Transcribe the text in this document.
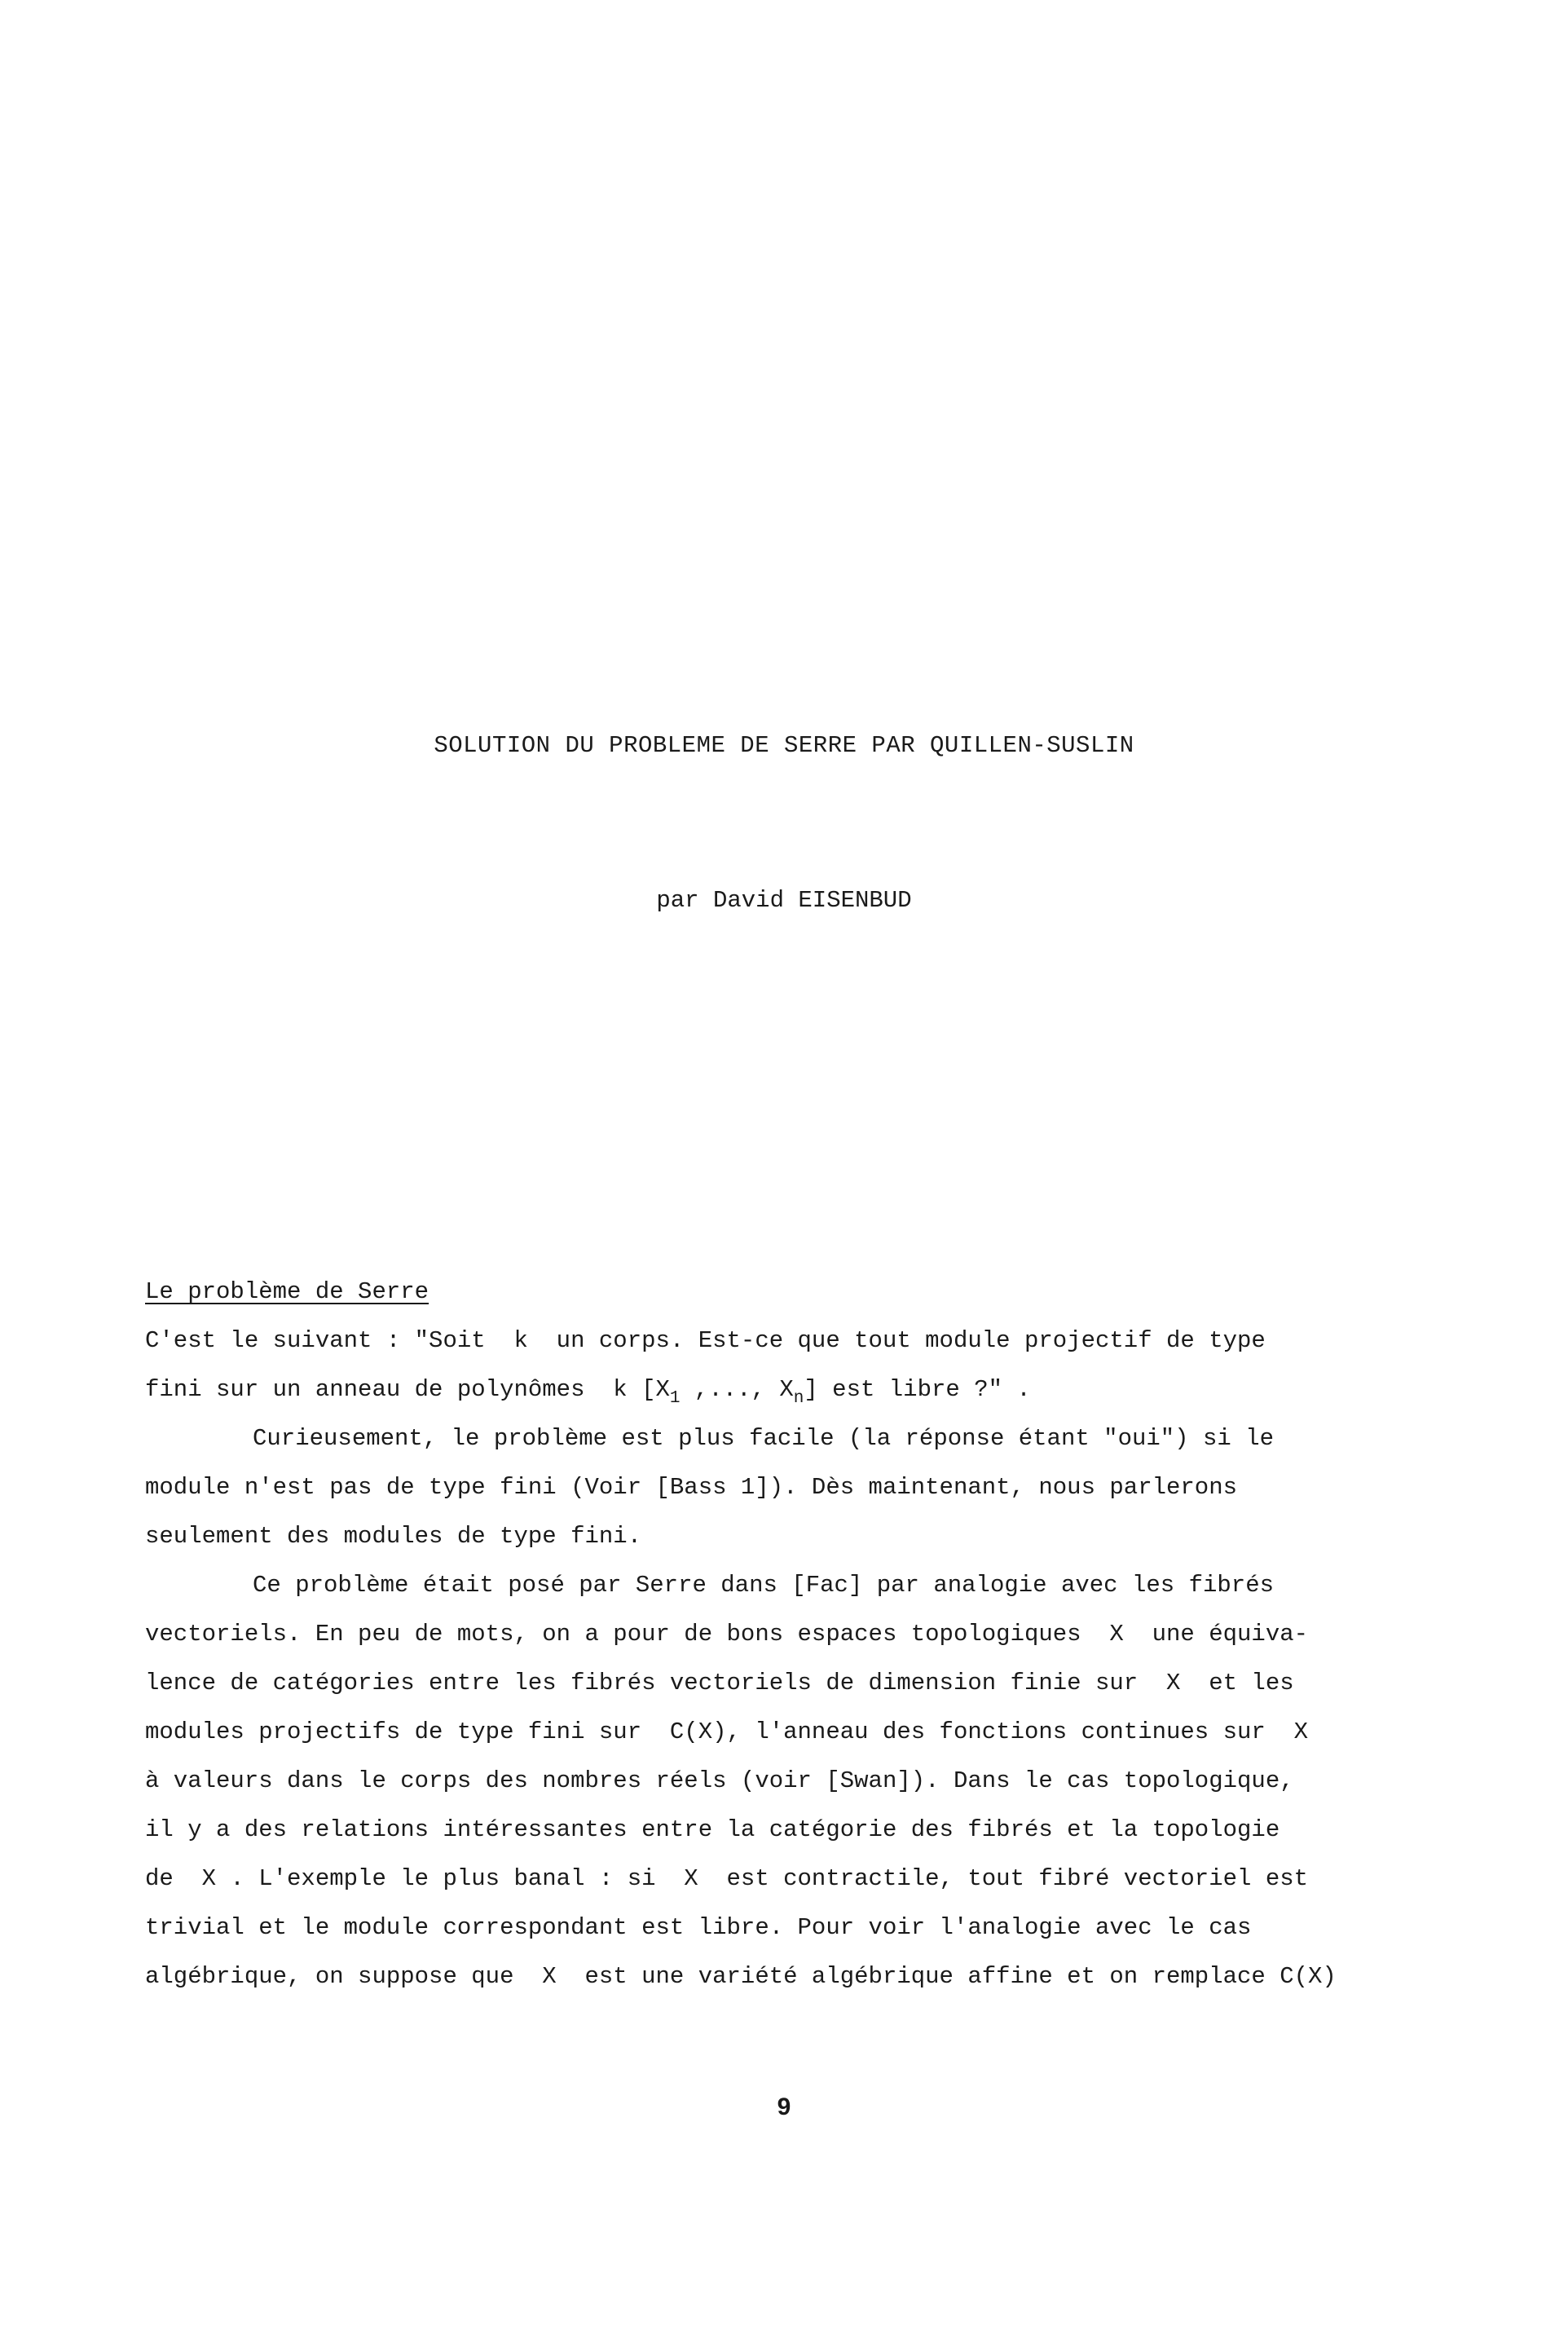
SOLUTION DU PROBLEME DE SERRE PAR QUILLEN-SUSLIN
par David EISENBUD
Le problème de Serre
C'est le suivant : "Soit  k  un corps. Est-ce que tout module projectif de type
fini sur un anneau de polynômes  k [$X_1$ ,..., $X_n$] est libre ?" .
Curieusement, le problème est plus facile (la réponse étant "oui") si le
module n'est pas de type fini (Voir [Bass 1]). Dès maintenant, nous parlerons
seulement des modules de type fini.
Ce problème était posé par Serre dans [Fac] par analogie avec les fibrés
vectoriels. En peu de mots, on a pour de bons espaces topologiques  X  une équiva-
lence de catégories entre les fibrés vectoriels de dimension finie sur  X  et les
modules projectifs de type fini sur  C(X), l'anneau des fonctions continues sur  X
à valeurs dans le corps des nombres réels (voir [Swan]). Dans le cas topologique,
il y a des relations intéressantes entre la catégorie des fibrés et la topologie
de  X . L'exemple le plus banal : si  X  est contractile, tout fibré vectoriel est
trivial et le module correspondant est libre. Pour voir l'analogie avec le cas
algébrique, on suppose que  X  est une variété algébrique affine et on remplace C(X)
9
